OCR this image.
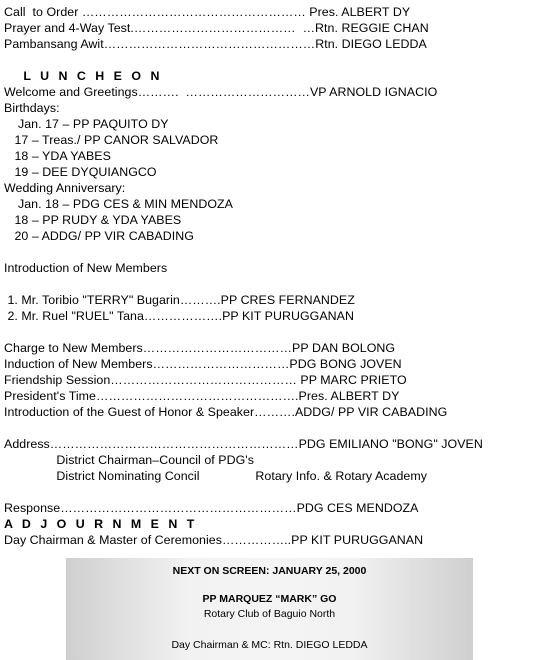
Call  to Order ……………………………………………… Pres. ALBERT DY
Prayer and 4-Way Test.…………………………………  …Rtn. REGGIE CHAN
Pambansang Awit……………………………………………Rtn. DIEGO LEDDA
L U N C H E O N
Welcome and Greetings……….  …………………………VP ARNOLD IGNACIO
Birthdays:
Jan. 17 – PP PAQUITO DY
17 – Treas./ PP CANOR SALVADOR
18 – YDA YABES
19 – DEE DYQUIANGCO
Wedding Anniversary:
Jan. 18 – PDG CES & MIN MENDOZA
18 – PP RUDY & YDA YABES
20 – ADDG/ PP VIR CABADING
Introduction of New Members
1. Mr. Toribio "TERRY" Bugarin……….PP CRES FERNANDEZ
2. Mr. Ruel "RUEL" Tana……………….PP KIT PURUGGANAN
Charge to New Members………………………………PP DAN BOLONG
Induction of New Members……………………………PDG BONG JOVEN
Friendship Session……………………………………… PP MARC PRIETO
President's Time………………………………………….Pres. ALBERT DY
Introduction of the Guest of Honor & Speaker……….ADDG/ PP VIR CABADING
Address……………………………………………………PDG EMILIANO "BONG" JOVEN
District Chairman–Council of PDG's
District Nominating Concil                Rotary Info. & Rotary Academy
Response…………………………………………………PDG CES MENDOZA
A D J O U R N M E N T
Day Chairman & Master of Ceremonies……………..PP KIT PURUGGANAN
NEXT ON SCREEN: JANUARY 25, 2000
PP MARQUEZ “MARK” GO
Rotary Club of Baguio North
Day Chairman & MC: Rtn. DIEGO LEDDA
